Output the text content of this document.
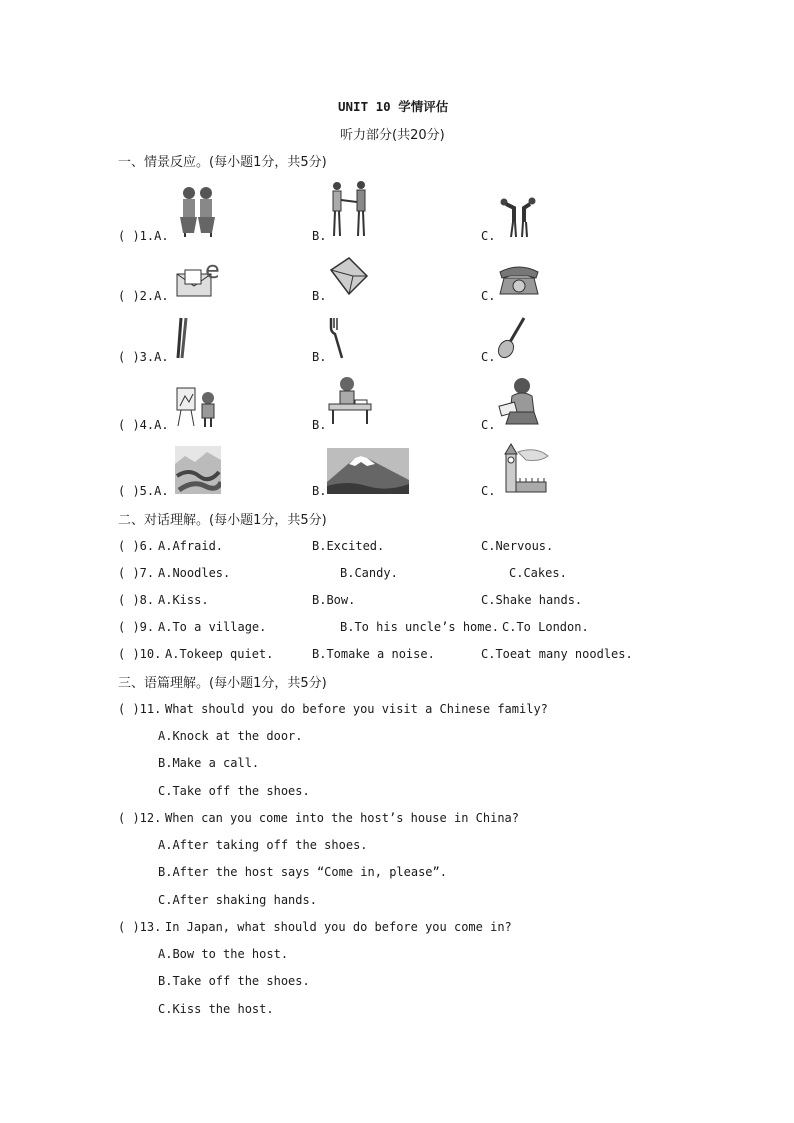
UNIT 10 学情评估
听力部分(共20分)
一、情景反应。(每小题1分，共5分)
( )1.A.	B.	C.
( )2.A.	B.	C.
e
( )3.A.	B.	C.
( )4.A.	B.	C.
( )5.A.	B.	C.
二、对话理解。(每小题1分，共5分)
( )6. A.Afraid.	B.Excited.	C.Nervous.
( )7. A.Noodles.	B.Candy.	C.Cakes.
( )8. A.Kiss.	B.Bow.	C.Shake hands.
( )9. A.To a village.	B.To his uncle’s home. C.To London.
( )10. A.Tokeep quiet.	B.Tomake a noise.	C.Toeat many noodles.
三、语篇理解。(每小题1分，共5分)
( )11. What should you do before you visit a Chinese family?
A.Knock at the door.
B.Make a call.
C.Take off the shoes.
( )12. When can you come into the host’s house in China?
A.After taking off the shoes.
B.After the host says “Come in, please”.
C.After shaking hands.
( )13. In Japan, what should you do before you come in?
A.Bow to the host.
B.Take off the shoes.
C.Kiss the host.
